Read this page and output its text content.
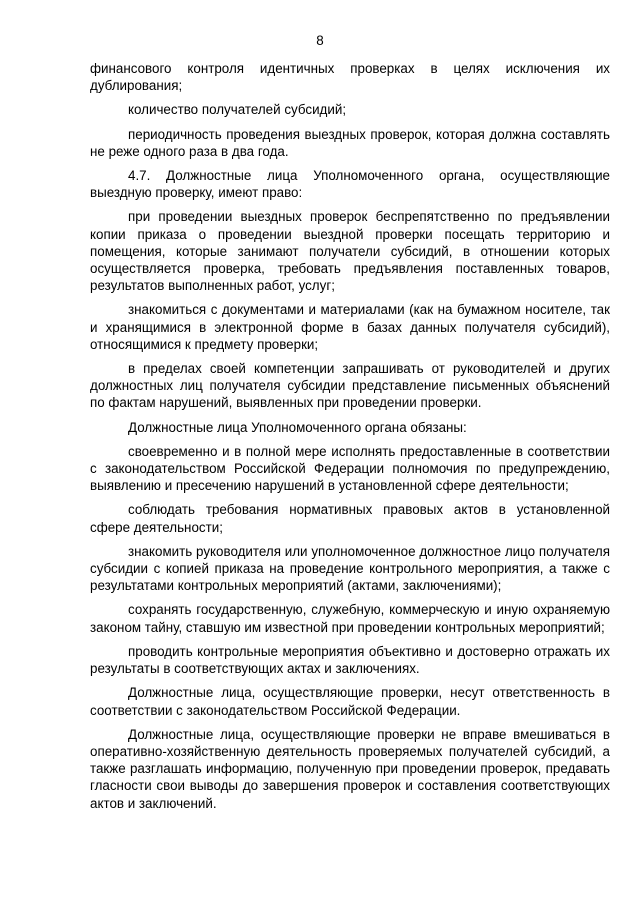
8

финансового контроля идентичных проверках в целях исключения их дублирования;

количество получателей субсидий;

периодичность проведения выездных проверок, которая должна составлять не реже одного раза в два года.

4.7. Должностные лица Уполномоченного органа, осуществляющие выездную проверку, имеют право:

при проведении выездных проверок беспрепятственно по предъявлении копии приказа о проведении выездной проверки посещать территорию и помещения, которые занимают получатели субсидий, в отношении которых осуществляется проверка, требовать предъявления поставленных товаров, результатов выполненных работ, услуг;

знакомиться с документами и материалами (как на бумажном носителе, так и хранящимися в электронной форме в базах данных получателя субсидий), относящимися к предмету проверки;

в пределах своей компетенции запрашивать от руководителей и других должностных лиц получателя субсидии представление письменных объяснений по фактам нарушений, выявленных при проведении проверки.

Должностные лица Уполномоченного органа обязаны:

своевременно и в полной мере исполнять предоставленные в соответствии с законодательством Российской Федерации полномочия по предупреждению, выявлению и пресечению нарушений в установленной сфере деятельности;

соблюдать требования нормативных правовых актов в установленной сфере деятельности;

знакомить руководителя или уполномоченное должностное лицо получателя субсидии с копией приказа на проведение контрольного мероприятия, а также с результатами контрольных мероприятий (актами, заключениями);

сохранять государственную, служебную, коммерческую и иную охраняемую законом тайну, ставшую им известной при проведении контрольных мероприятий;

проводить контрольные мероприятия объективно и достоверно отражать их результаты в соответствующих актах и заключениях.

Должностные лица, осуществляющие проверки, несут ответственность в соответствии с законодательством Российской Федерации.

Должностные лица, осуществляющие проверки не вправе вмешиваться в оперативно-хозяйственную деятельность проверяемых получателей субсидий, а также разглашать информацию, полученную при проведении проверок, предавать гласности свои выводы до завершения проверок и составления соответствующих актов и заключений.
